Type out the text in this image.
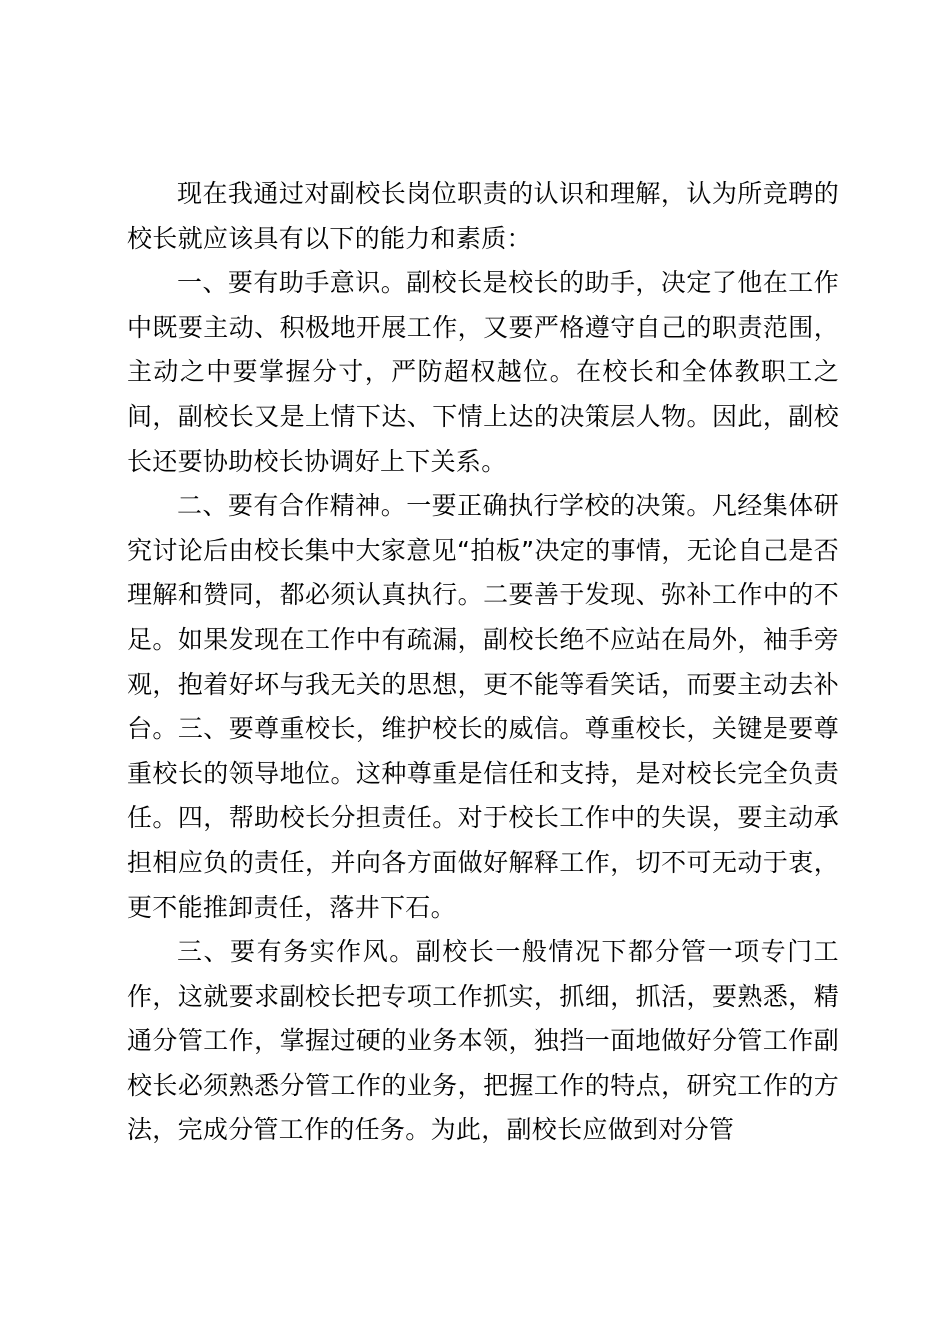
现在我通过对副校长岗位职责的认识和理解，认为所竞聘的校长就应该具有以下的能力和素质：

一、要有助手意识。副校长是校长的助手，决定了他在工作中既要主动、积极地开展工作，又要严格遵守自己的职责范围，主动之中要掌握分寸，严防超权越位。在校长和全体教职工之间，副校长又是上情下达、下情上达的决策层人物。因此，副校长还要协助校长协调好上下关系。

二、要有合作精神。一要正确执行学校的决策。凡经集体研究讨论后由校长集中大家意见“拍板”决定的事情，无论自己是否理解和赞同，都必须认真执行。二要善于发现、弥补工作中的不足。如果发现在工作中有疏漏，副校长绝不应站在局外，袖手旁观，抱着好坏与我无关的思想，更不能等看笑话，而要主动去补台。三、要尊重校长，维护校长的威信。尊重校长，关键是要尊重校长的领导地位。这种尊重是信任和支持，是对校长完全负责任。四，帮助校长分担责任。对于校长工作中的失误，要主动承担相应负的责任，并向各方面做好解释工作，切不可无动于衷，更不能推卸责任，落井下石。

三、要有务实作风。副校长一般情况下都分管一项专门工作，这就要求副校长把专项工作抓实，抓细，抓活，要熟悉，精通分管工作，掌握过硬的业务本领，独挡一面地做好分管工作副校长必须熟悉分管工作的业务，把握工作的特点，研究工作的方法，完成分管工作的任务。为此，副校长应做到对分管
